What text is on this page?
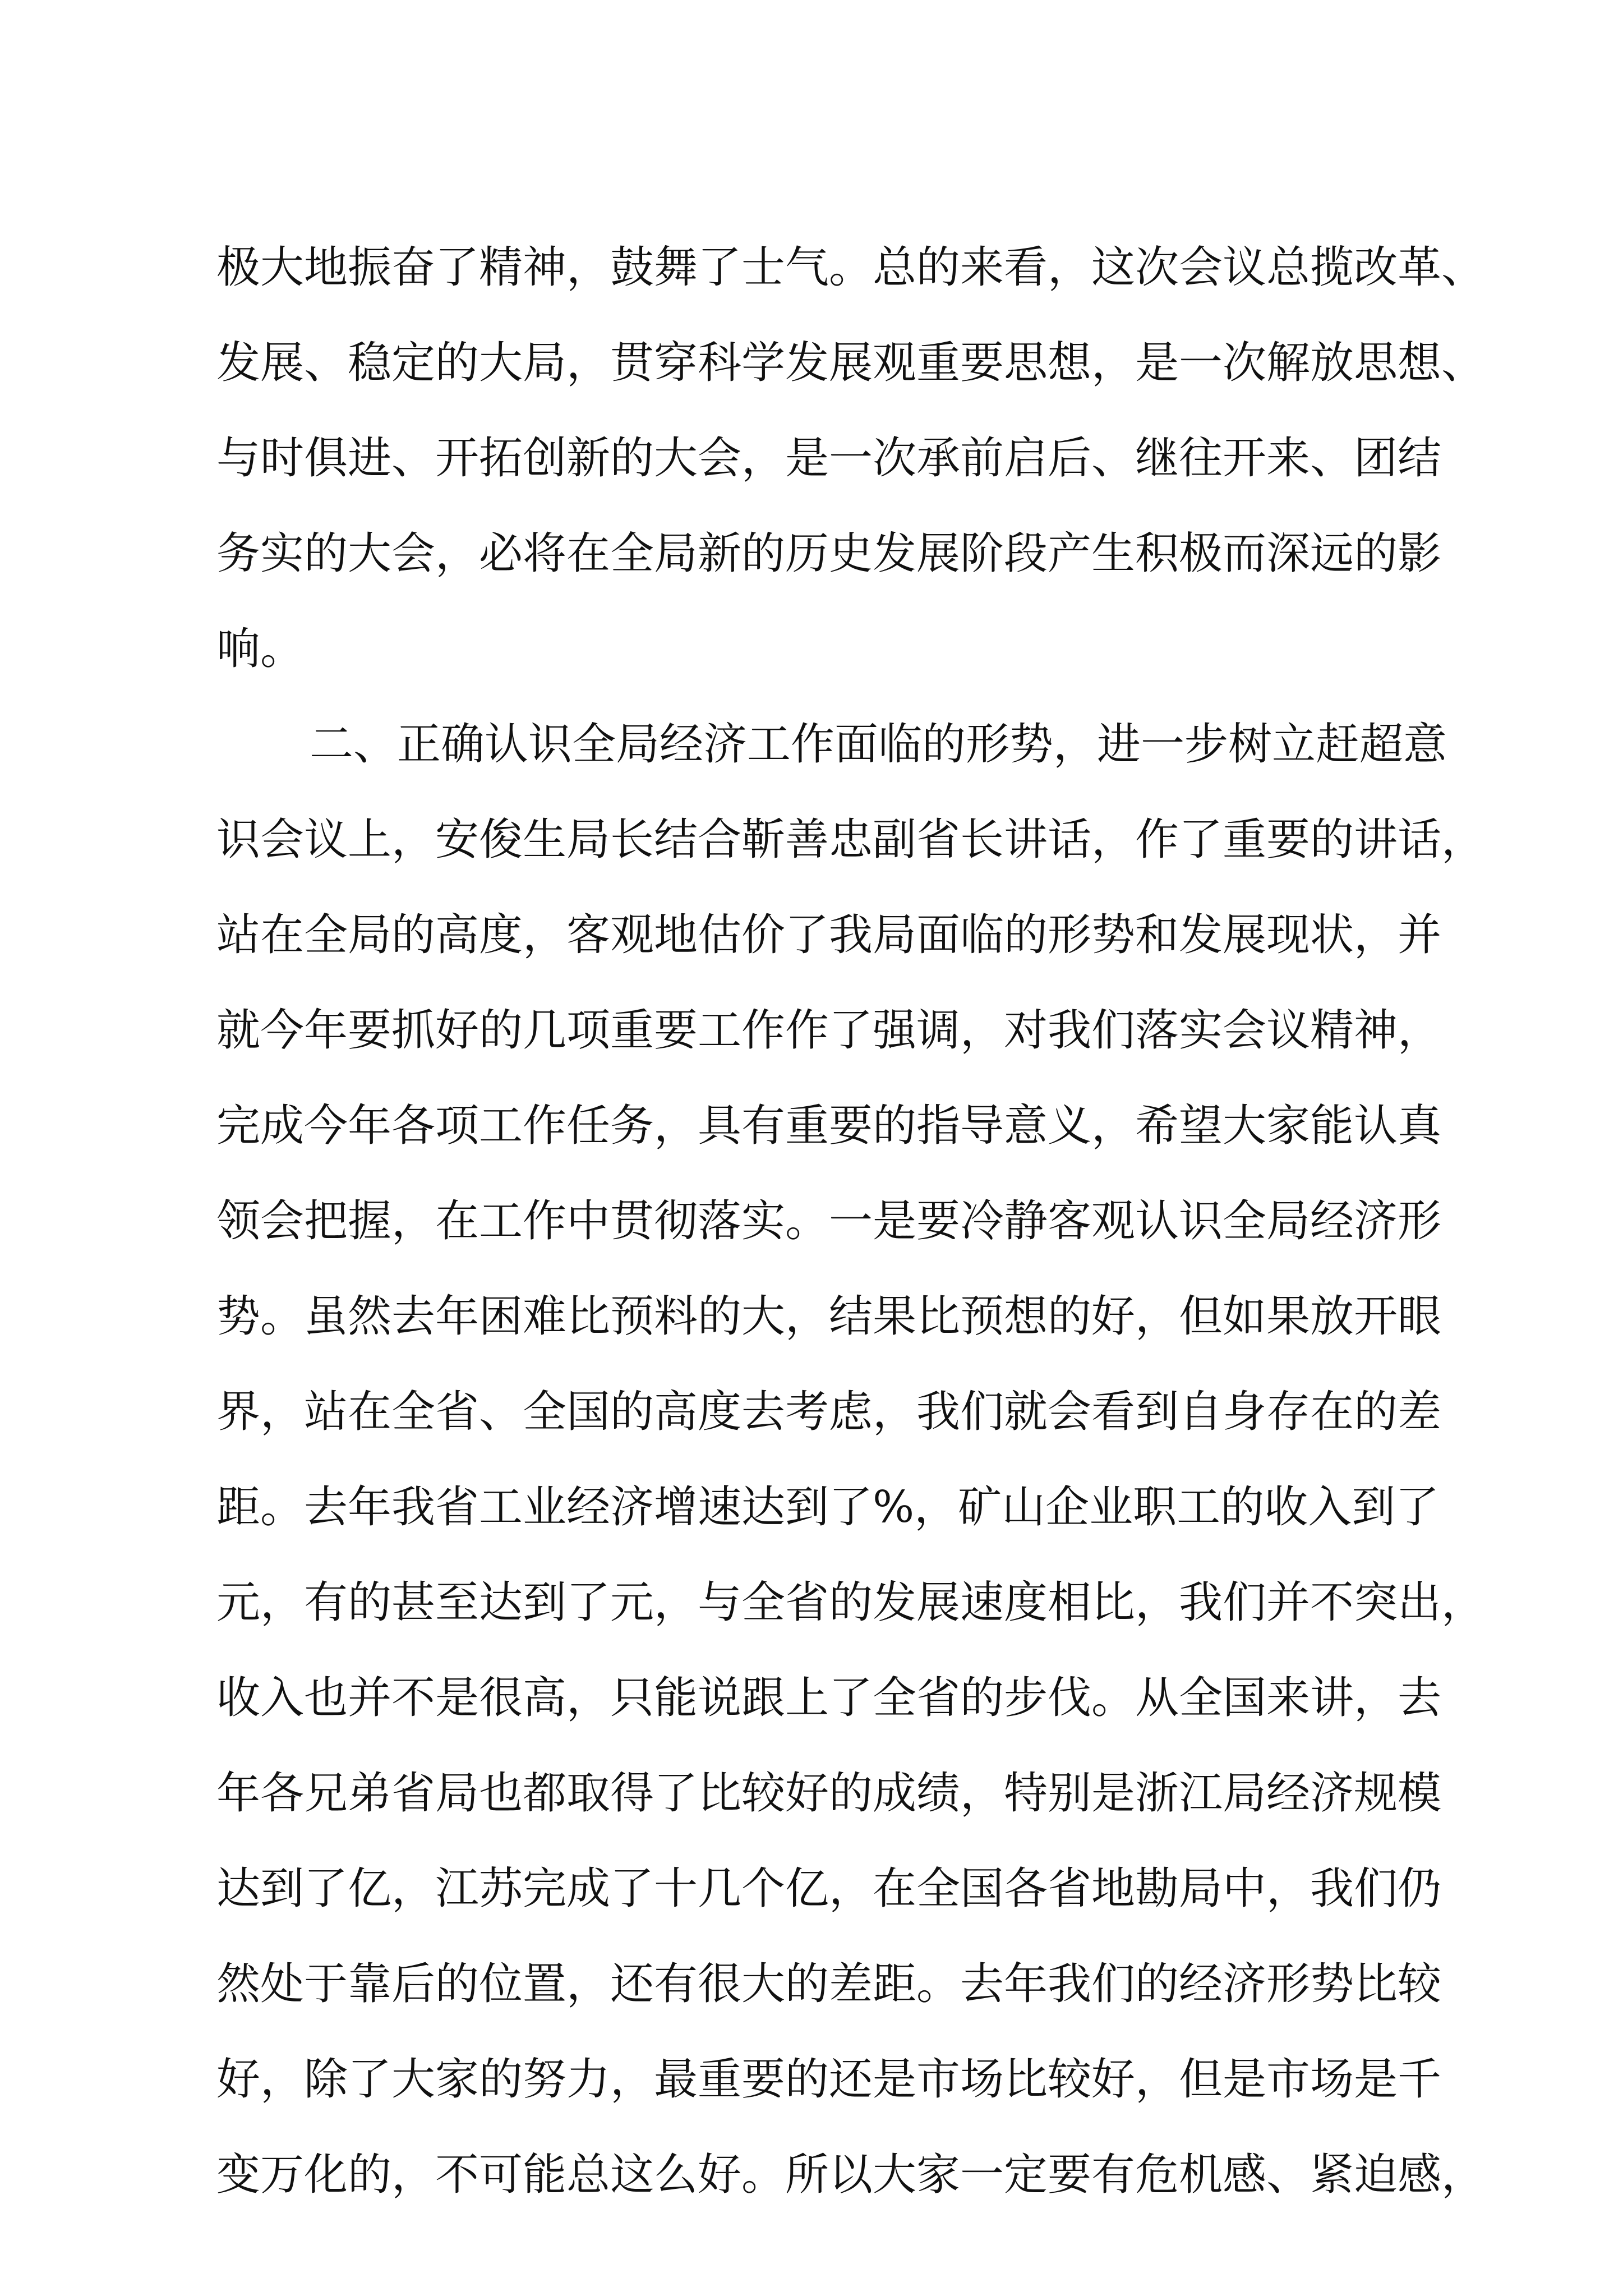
极大地振奋了精神，鼓舞了士气。总的来看，这次会议总揽改革、
发展、稳定的大局，贯穿科学发展观重要思想，是一次解放思想、
与时俱进、开拓创新的大会，是一次承前启后、继往开来、团结
务实的大会，必将在全局新的历史发展阶段产生积极而深远的影
响。
二、正确认识全局经济工作面临的形势，进一步树立赶超意
识会议上，安俊生局长结合靳善忠副省长讲话，作了重要的讲话，
站在全局的高度，客观地估价了我局面临的形势和发展现状，并
就今年要抓好的几项重要工作作了强调，对我们落实会议精神，
完成今年各项工作任务，具有重要的指导意义，希望大家能认真
领会把握，在工作中贯彻落实。一是要冷静客观认识全局经济形
势。虽然去年困难比预料的大，结果比预想的好，但如果放开眼
界，站在全省、全国的高度去考虑，我们就会看到自身存在的差
距。去年我省工业经济增速达到了%，矿山企业职工的收入到了
元，有的甚至达到了元，与全省的发展速度相比，我们并不突出，
收入也并不是很高，只能说跟上了全省的步伐。从全国来讲，去
年各兄弟省局也都取得了比较好的成绩，特别是浙江局经济规模
达到了亿，江苏完成了十几个亿，在全国各省地勘局中，我们仍
然处于靠后的位置，还有很大的差距。去年我们的经济形势比较
好，除了大家的努力，最重要的还是市场比较好，但是市场是千
变万化的，不可能总这么好。所以大家一定要有危机感、紧迫感，
